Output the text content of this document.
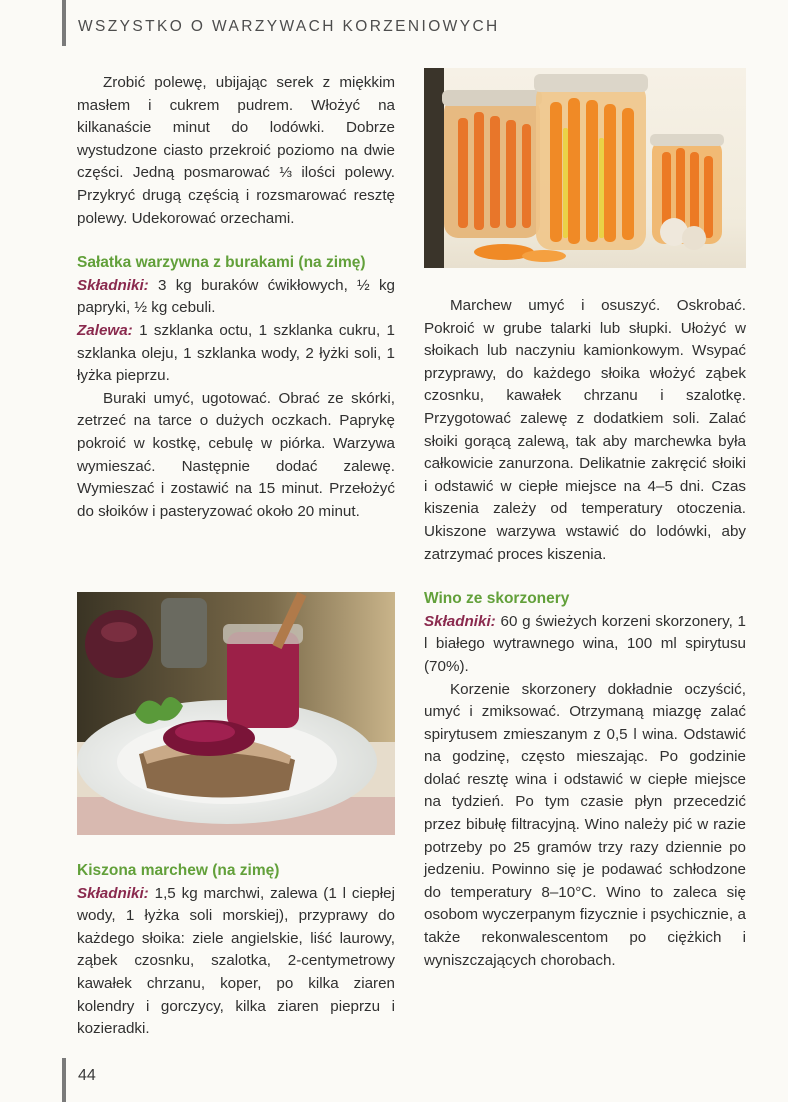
WSZYSTKO O WARZYWACH KORZENIOWYCH

Zrobić polewę, ubijając serek z miękkim masłem i cukrem pudrem. Włożyć na kilkanaście minut do lodówki. Dobrze wystudzone ciasto przekroić poziomo na dwie części. Jedną posmarować ⅓ ilości polewy. Przykryć drugą częścią i rozsmarować resztę polewy. Udekorować orzechami.

Sałatka warzywna z burakami (na zimę)

Składniki: 3 kg buraków ćwikłowych, ½ kg papryki, ½ kg cebuli.

Zalewa: 1 szklanka octu, 1 szklanka cukru, 1 szklanka oleju, 1 szklanka wody, 2 łyżki soli, 1 łyżka pieprzu.

Buraki umyć, ugotować. Obrać ze skórki, zetrzeć na tarce o dużych oczkach. Paprykę pokroić w kostkę, cebulę w piórka. Warzywa wymieszać. Następnie dodać zalewę. Wymieszać i zostawić na 15 minut. Przełożyć do słoików i pasteryzować około 20 minut.

Kiszona marchew (na zimę)

Składniki: 1,5 kg marchwi, zalewa (1 l ciepłej wody, 1 łyżka soli morskiej), przyprawy do każdego słoika: ziele angielskie, liść laurowy, ząbek czosnku, szalotka, 2-centymetrowy kawałek chrzanu, koper, po kilka ziaren kolendry i gorczycy, kilka ziaren pieprzu i kozieradki.

Marchew umyć i osuszyć. Oskrobać. Pokroić w grube talarki lub słupki. Ułożyć w słoikach lub naczyniu kamionkowym. Wsypać przyprawy, do każdego słoika włożyć ząbek czosnku, kawałek chrzanu i szalotkę. Przygotować zalewę z dodatkiem soli. Zalać słoiki gorącą zalewą, tak aby marchewka była całkowicie zanurzona. Delikatnie zakręcić słoiki i odstawić w ciepłe miejsce na 4–5 dni. Czas kiszenia zależy od temperatury otoczenia. Ukiszone warzywa wstawić do lodówki, aby zatrzymać proces kiszenia.

Wino ze skorzonery

Składniki: 60 g świeżych korzeni skorzonery, 1 l białego wytrawnego wina, 100 ml spirytusu (70%).

Korzenie skorzonery dokładnie oczyścić, umyć i zmiksować. Otrzymaną miazgę zalać spirytusem zmieszanym z 0,5 l wina. Odstawić na godzinę, często mieszając. Po godzinie dolać resztę wina i odstawić w ciepłe miejsce na tydzień. Po tym czasie płyn przecedzić przez bibułę filtracyjną. Wino należy pić w razie potrzeby po 25 gramów trzy razy dziennie po jedzeniu. Powinno się je podawać schłodzone do temperatury 8–10°C. Wino to zaleca się osobom wyczerpanym fizycznie i psychicznie, a także rekonwalescentom po ciężkich i wyniszczających chorobach.

44
